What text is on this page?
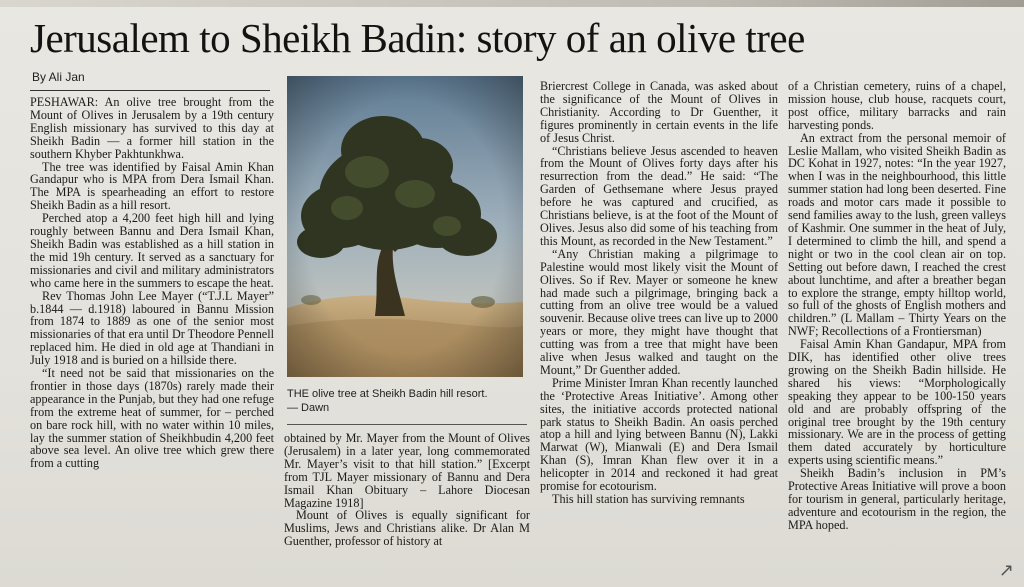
Jerusalem to Sheikh Badin: story of an olive tree
By Ali Jan

PESHAWAR: An olive tree brought from the Mount of Olives in Jerusalem by a 19th century English missionary has survived to this day at Sheikh Badin — a former hill station in the southern Khyber Pakhtunkhwa.

The tree was identified by Faisal Amin Khan Gandapur who is MPA from Dera Ismail Khan. The MPA is spearheading an effort to restore Sheikh Badin as a hill resort.

Perched atop a 4,200 feet high hill and lying roughly between Bannu and Dera Ismail Khan, Sheikh Badin was established as a hill station in the mid 19h century. It served as a sanctuary for missionaries and civil and military administrators who came here in the summers to escape the heat.

Rev Thomas John Lee Mayer (“T.J.L Mayer” b.1844 — d.1918) laboured in Bannu Mission from 1874 to 1889 as one of the senior most missionaries of that era until Dr Theodore Pennell replaced him. He died in old age at Thandiani in July 1918 and is buried on a hillside there.

“It need not be said that missionaries on the frontier in those days (1870s) rarely made their appearance in the Punjab, but they had one refuge from the extreme heat of summer, for – perched on bare rock hill, with no water within 10 miles, lay the summer station of Sheikhbudin 4,200 feet above sea level. An olive tree which grew there from a cutting

THE olive tree at Sheikh Badin hill resort.
— Dawn

obtained by Mr. Mayer from the Mount of Olives (Jerusalem) in a later year, long commemorated Mr. Mayer’s visit to that hill station.” [Excerpt from TJL Mayer missionary of Bannu and Dera Ismail Khan Obituary – Lahore Diocesan Magazine 1918]

Mount of Olives is equally significant for Muslims, Jews and Christians alike. Dr Alan M Guenther, professor of history at

Briercrest College in Canada, was asked about the significance of the Mount of Olives in Christianity. According to Dr Guenther, it figures prominently in certain events in the life of Jesus Christ.

“Christians believe Jesus ascended to heaven from the Mount of Olives forty days after his resurrection from the dead.” He said: “The Garden of Gethsemane where Jesus prayed before he was captured and crucified, as Christians believe, is at the foot of the Mount of Olives. Jesus also did some of his teaching from this Mount, as recorded in the New Testament.”

“Any Christian making a pilgrimage to Palestine would most likely visit the Mount of Olives. So if Rev. Mayer or someone he knew had made such a pilgrimage, bringing back a cutting from an olive tree would be a valued souvenir. Because olive trees can live up to 2000 years or more, they might have thought that cutting was from a tree that might have been alive when Jesus walked and taught on the Mount,” Dr Guenther added.

Prime Minister Imran Khan recently launched the ‘Protective Areas Initiative’. Among other sites, the initiative accords protected national park status to Sheikh Badin. An oasis perched atop a hill and lying between Bannu (N), Lakki Marwat (W), Mianwali (E) and Dera Ismail Khan (S), Imran Khan flew over it in a helicopter in 2014 and reckoned it had great promise for ecotourism.

This hill station has surviving remnants

of a Christian cemetery, ruins of a chapel, mission house, club house, racquets court, post office, military barracks and rain harvesting ponds.

An extract from the personal memoir of Leslie Mallam, who visited Sheikh Badin as DC Kohat in 1927, notes: “In the year 1927, when I was in the neighbourhood, this little summer station had long been deserted. Fine roads and motor cars made it possible to send families away to the lush, green valleys of Kashmir. One summer in the heat of July, I determined to climb the hill, and spend a night or two in the cool clean air on top. Setting out before dawn, I reached the crest about lunchtime, and after a breather began to explore the strange, empty hilltop world, so full of the ghosts of English mothers and children.” (L Mallam – Thirty Years on the NWF; Recollections of a Frontiersman)

Faisal Amin Khan Gandapur, MPA from DIK, has identified other olive trees growing on the Sheikh Badin hillside. He shared his views: “Morphologically speaking they appear to be 100-150 years old and are probably offspring of the original tree brought by the 19th century missionary. We are in the process of getting them dated accurately by horticulture experts using scientific means.”

Sheikh Badin’s inclusion in PM’s Protective Areas Initiative will prove a boon for tourism in general, particularly heritage, adventure and ecotourism in the region, the MPA hoped.

↗
